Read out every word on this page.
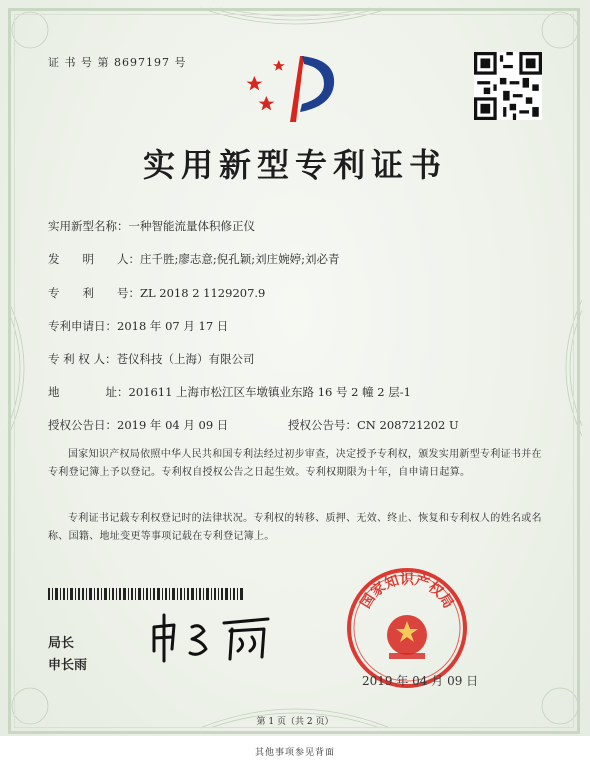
证 书 号 第 8697197 号
实用新型专利证书
实用新型名称：一种智能流量体积修正仪
发　　明　　人：庄千胜;廖志意;倪孔颖;刘庄婉婷;刘必青
专　　利　　号：ZL 2018 2 1129207.9
专利申请日：2018 年 07 月 17 日
专 利 权 人：苍仪科技（上海）有限公司
地　　　　址：201611 上海市松江区车墩镇业东路 16 号 2 幢 2 层-1
授权公告日：2019 年 04 月 09 日	授权公告号：CN 208721202 U
国家知识产权局依照中华人民共和国专利法经过初步审查，决定授予专利权，颁发实用新型专利证书并在专利登记簿上予以登记。专利权自授权公告之日起生效。专利权期限为十年，自申请日起算。
专利证书记载专利权登记时的法律状况。专利权的转移、质押、无效、终止、恢复和专利权人的姓名或名称、国籍、地址变更等事项记载在专利登记簿上。
局长
申长雨
国家知识产权局
2019 年 04 月 09 日
第 1 页（共 2 页）
其他事项参见背面
